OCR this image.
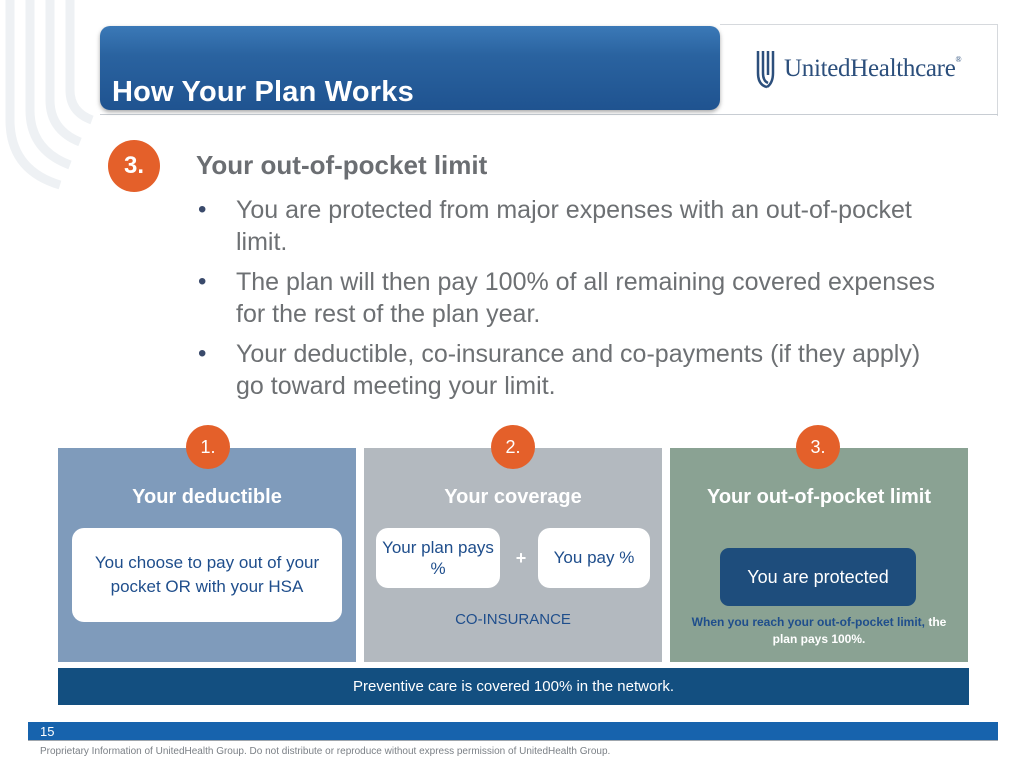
How Your Plan Works
UnitedHealthcare®
3.	Your out-of-pocket limit
• You are protected from major expenses with an out-of-pocket limit.
• The plan will then pay 100% of all remaining covered expenses for the rest of the plan year.
• Your deductible, co-insurance and co-payments (if they apply) go toward meeting your limit.
1.	2.	3.
Your deductible	Your coverage	Your out-of-pocket limit
You choose to pay out of your pocket OR with your HSA
Your plan pays %
+	You pay %
CO-INSURANCE
You are protected
When you reach your out-of-pocket limit, the plan pays 100%.
Preventive care is covered 100% in the network.
15
Proprietary Information of UnitedHealth Group. Do not distribute or reproduce without express permission of UnitedHealth Group.
